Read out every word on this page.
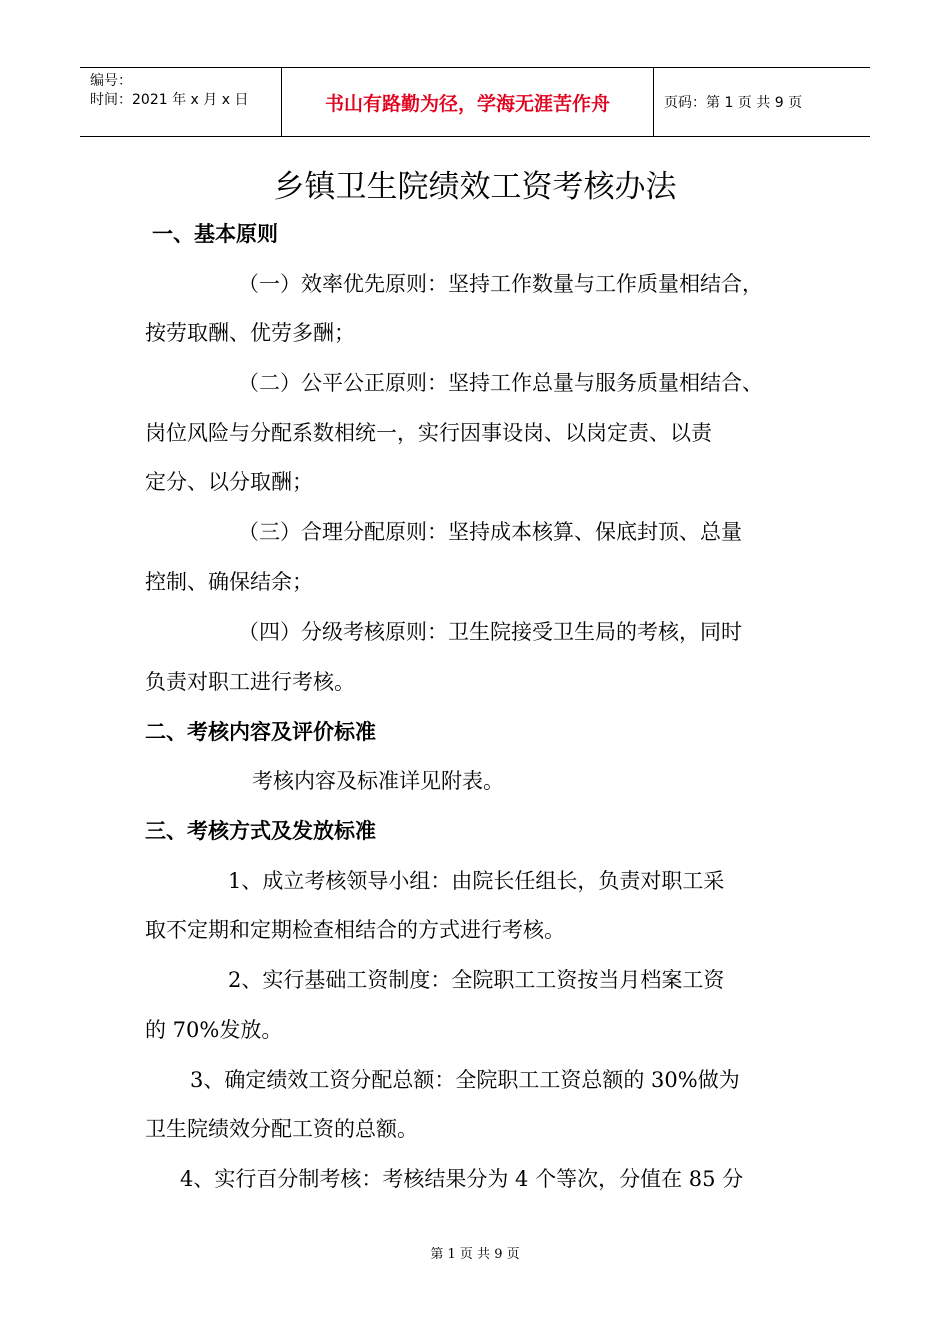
编号：
时间：2021 年 x 月 x 日	书山有路勤为径，学海无涯苦作舟	页码：第 1 页 共 9 页
乡镇卫生院绩效工资考核办法
一、基本原则
（一）效率优先原则：坚持工作数量与工作质量相结合，
按劳取酬、优劳多酬；
（二）公平公正原则：坚持工作总量与服务质量相结合、
岗位风险与分配系数相统一，实行因事设岗、以岗定责、以责
定分、以分取酬；
（三）合理分配原则：坚持成本核算、保底封顶、总量
控制、确保结余；
（四）分级考核原则：卫生院接受卫生局的考核，同时
负责对职工进行考核。
二、考核内容及评价标准
考核内容及标准详见附表。
三、考核方式及发放标准
1、成立考核领导小组：由院长任组长，负责对职工采
取不定期和定期检查相结合的方式进行考核。
2、实行基础工资制度：全院职工工资按当月档案工资
的 70%发放。
3、确定绩效工资分配总额：全院职工工资总额的 30%做为
卫生院绩效分配工资的总额。
4、实行百分制考核：考核结果分为 4 个等次，分值在 85 分
第 1 页 共 9 页
